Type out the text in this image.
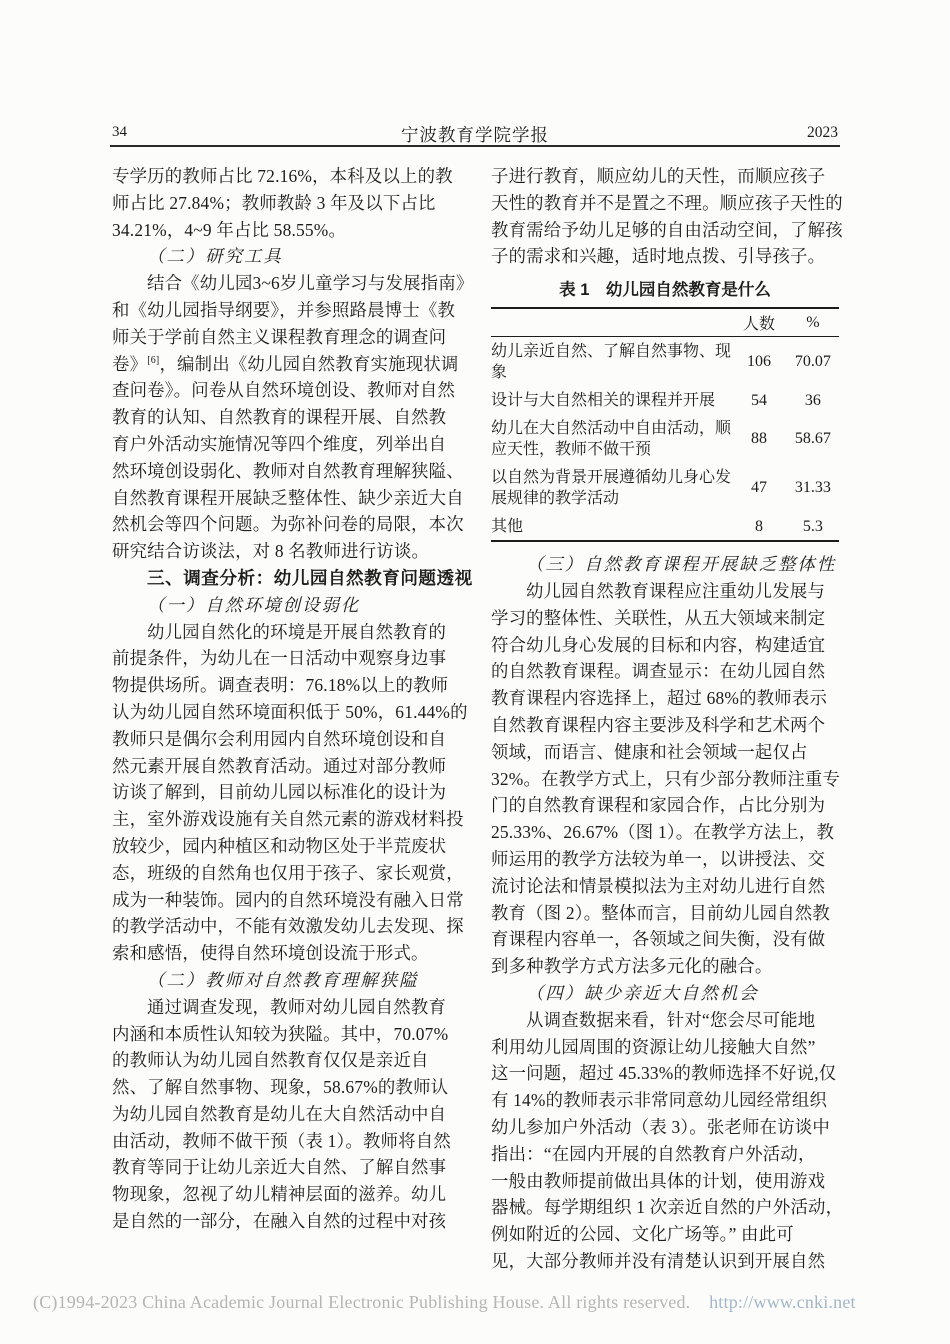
34	宁波教育学院学报	2023
专学历的教师占比 72.16%，本科及以上的教
师占比 27.84%；教师教龄 3 年及以下占比
34.21%，4~9 年占比 58.55%。
（二）研究工具
结合《幼儿园3~6岁儿童学习与发展指南》
和《幼儿园指导纲要》，并参照路晨博士《教
师关于学前自然主义课程教育理念的调查问
卷》[6]，编制出《幼儿园自然教育实施现状调
查问卷》。问卷从自然环境创设、教师对自然
教育的认知、自然教育的课程开展、自然教
育户外活动实施情况等四个维度，列举出自
然环境创设弱化、教师对自然教育理解狭隘、
自然教育课程开展缺乏整体性、缺少亲近大自
然机会等四个问题。为弥补问卷的局限，本次
研究结合访谈法，对 8 名教师进行访谈。
三、调查分析：幼儿园自然教育问题透视
（一）自然环境创设弱化
幼儿园自然化的环境是开展自然教育的
前提条件，为幼儿在一日活动中观察身边事
物提供场所。调查表明：76.18%以上的教师
认为幼儿园自然环境面积低于 50%，61.44%的
教师只是偶尔会利用园内自然环境创设和自
然元素开展自然教育活动。通过对部分教师
访谈了解到，目前幼儿园以标准化的设计为
主，室外游戏设施有关自然元素的游戏材料投
放较少，园内种植区和动物区处于半荒废状
态，班级的自然角也仅用于孩子、家长观赏，
成为一种装饰。园内的自然环境没有融入日常
的教学活动中，不能有效激发幼儿去发现、探
索和感悟，使得自然环境创设流于形式。
（二）教师对自然教育理解狭隘
通过调查发现，教师对幼儿园自然教育
内涵和本质性认知较为狭隘。其中，70.07%
的教师认为幼儿园自然教育仅仅是亲近自
然、了解自然事物、现象，58.67%的教师认
为幼儿园自然教育是幼儿在大自然活动中自
由活动，教师不做干预（表 1）。教师将自然
教育等同于让幼儿亲近大自然、了解自然事
物现象，忽视了幼儿精神层面的滋养。幼儿
是自然的一部分，在融入自然的过程中对孩
子进行教育，顺应幼儿的天性，而顺应孩子
天性的教育并不是置之不理。顺应孩子天性的
教育需给予幼儿足够的自由活动空间，了解孩
子的需求和兴趣，适时地点拨、引导孩子。
表 1　幼儿园自然教育是什么
	人数	%
幼儿亲近自然、了解自然事物、现象	106	70.07
设计与大自然相关的课程并开展	54	36
幼儿在大自然活动中自由活动，顺应天性，教师不做干预	88	58.67
以自然为背景开展遵循幼儿身心发展规律的教学活动	47	31.33
其他	8	5.3
（三）自然教育课程开展缺乏整体性
幼儿园自然教育课程应注重幼儿发展与
学习的整体性、关联性，从五大领域来制定
符合幼儿身心发展的目标和内容，构建适宜
的自然教育课程。调查显示：在幼儿园自然
教育课程内容选择上，超过 68%的教师表示
自然教育课程内容主要涉及科学和艺术两个
领域，而语言、健康和社会领域一起仅占
32%。在教学方式上，只有少部分教师注重专
门的自然教育课程和家园合作，占比分别为
25.33%、26.67%（图 1）。在教学方法上，教
师运用的教学方法较为单一，以讲授法、交
流讨论法和情景模拟法为主对幼儿进行自然
教育（图 2）。整体而言，目前幼儿园自然教
育课程内容单一，各领域之间失衡，没有做
到多种教学方式方法多元化的融合。
（四）缺少亲近大自然机会
从调查数据来看，针对“您会尽可能地
利用幼儿园周围的资源让幼儿接触大自然”
这一问题，超过 45.33%的教师选择不好说,仅
有 14%的教师表示非常同意幼儿园经常组织
幼儿参加户外活动（表 3）。张老师在访谈中
指出：“在园内开展的自然教育户外活动，
一般由教师提前做出具体的计划，使用游戏
器械。每学期组织 1 次亲近自然的户外活动，
例如附近的公园、文化广场等。” 由此可
见，大部分教师并没有清楚认识到开展自然
(C)1994-2023 China Academic Journal Electronic Publishing House. All rights reserved. http://www.cnki.net
